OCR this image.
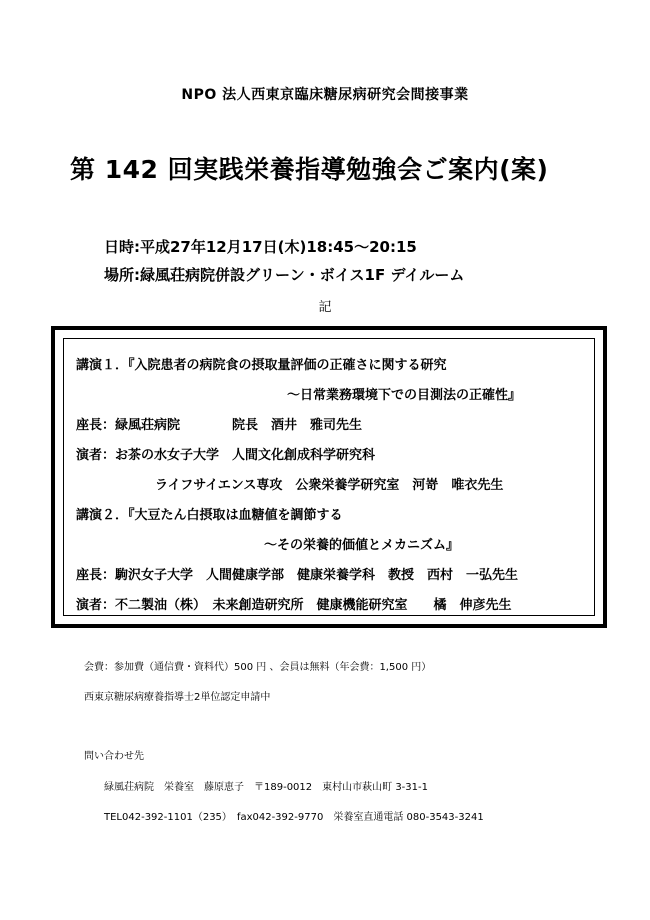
NPO 法人西東京臨床糖尿病研究会間接事業
第 142 回実践栄養指導勉強会ご案内(案)
日時:平成27年12月17日(木)18:45～20:15
場所:緑風荘病院併設グリーン・ボイス1F デイルーム
記
講演１．『入院患者の病院食の摂取量評価の正確さに関する研究
～日常業務環境下での目測法の正確性』
座長：緑風荘病院　　　　院長　酒井　雅司先生
演者：お茶の水女子大学　人間文化創成科学研究科
ライフサイエンス専攻　公衆栄養学研究室　河嵜　唯衣先生
講演２．『大豆たん白摂取は血糖値を調節する
～その栄養的価値とメカニズム』
座長：駒沢女子大学　人間健康学部　健康栄養学科　教授　西村　一弘先生
演者：不二製油（株）　未来創造研究所　健康機能研究室　　橘　伸彦先生
会費：参加費（通信費・資料代）500 円 、会員は無料（年会費：1,500 円）
西東京糖尿病療養指導士2単位認定申請中
問い合わせ先
緑風荘病院　栄養室　藤原恵子　〒189-0012　東村山市萩山町 3-31-1
TEL042-392-1101（235）　fax042-392-9770　栄養室直通電話 080-3543-3241
